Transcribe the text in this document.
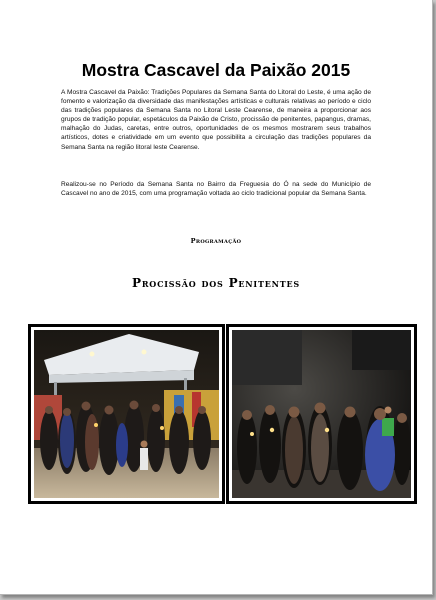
Mostra Cascavel da Paixão 2015

A Mostra Cascavel da Paixão: Tradições Populares da Semana Santa do Litoral do Leste, é uma ação de fomento e valorização da diversidade das manifestações artísticas e culturais relativas ao período e ciclo das tradições populares da Semana Santa no Litoral Leste Cearense, de maneira a proporcionar aos grupos de tradição popular, espetáculos da Paixão de Cristo, procissão de penitentes, papangus, dramas, malhação do Judas, caretas, entre outros, oportunidades de os mesmos mostrarem seus trabalhos artísticos, dotes e criatividade em um evento que possibilita a circulação das tradições populares da Semana Santa na região litoral leste Cearense.

Realizou-se no Período da Semana Santa no Bairro da Freguesia do Ó na sede do Município de Cascavel no ano de 2015, com uma programação voltada ao ciclo tradicional popular da Semana Santa.

Programação

Procissão dos Penitentes
